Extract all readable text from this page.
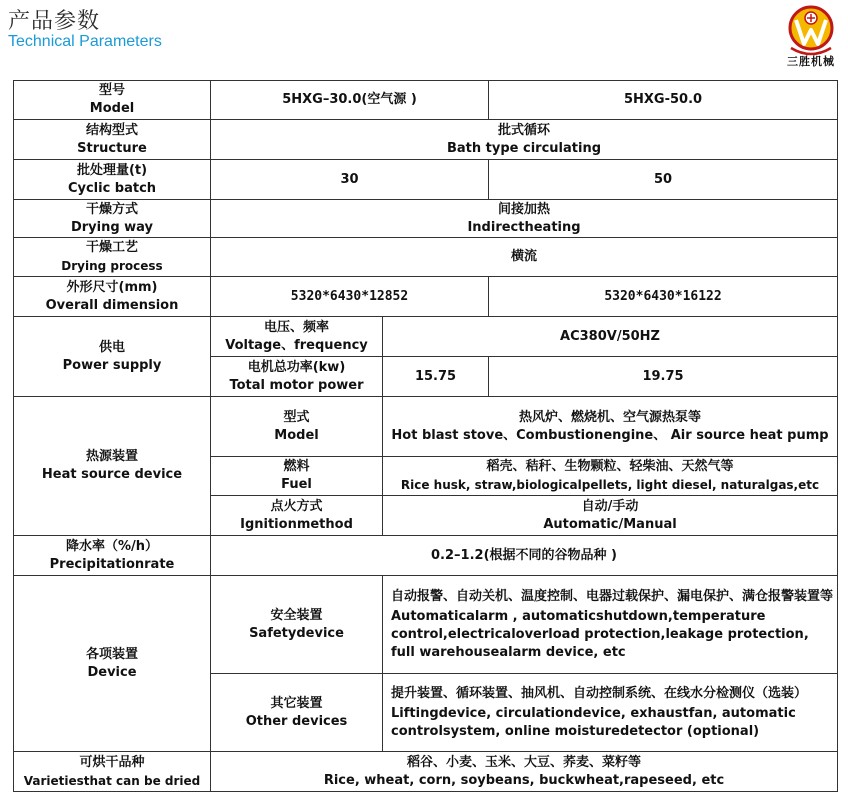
产品参数
Technical Parameters
三胜机械
型号
Model	5HXG–30.0(空气源 )		5HXG-50.0
结构型式
Structure	批式循环
Bath type circulating		

批处理量(t)
Cyclic batch	30		50
干燥方式
Drying way	间接加热
Indirectheating		

干燥工艺
Drying process	横流		
外形尺寸(mm)
Overall dimension	5320*6430*12852		5320*6430*16122
供电
Power supply	电压、频率
Voltage、frequency	AC380V/50HZ	
	电机总功率(kw)
Total motor power	15.75	19.75
热源装置
Heat source device	型式
Model	热风炉、燃烧机、空气源热泵等
Hot blast stove、Combustionengine、 Air source heat pump	

	燃料
Fuel	稻壳、秸秆、生物颗粒、轻柴油、天然气等
Rice husk, straw,biologicalpellets, light diesel, naturalgas,etc	

	点火方式
Ignitionmethod	自动/手动
Automatic/Manual	

降水率（%/h）
Precipitationrate	0.2–1.2(根据不同的谷物品种 )		
各项装置
Device	安全装置
Safetydevice	自动报警、自动关机、温度控制、电器过载保护、漏电保护、满仓报警装置等
Automaticalarm , automaticshutdown,temperature control,electricaloverload protection,leakage protection, full warehousealarm device, etc	

	其它装置
Other devices	提升装置、循环装置、抽风机、自动控制系统、在线水分检测仪（选装）
Liftingdevice, circulationdevice, exhaustfan, automatic controlsystem, online moisturedetector (optional)	

可烘干品种
Varietiesthat can be dried	稻谷、小麦、玉米、大豆、荞麦、菜籽等
Rice, wheat, corn, soybeans, buckwheat,rapeseed, etc		
